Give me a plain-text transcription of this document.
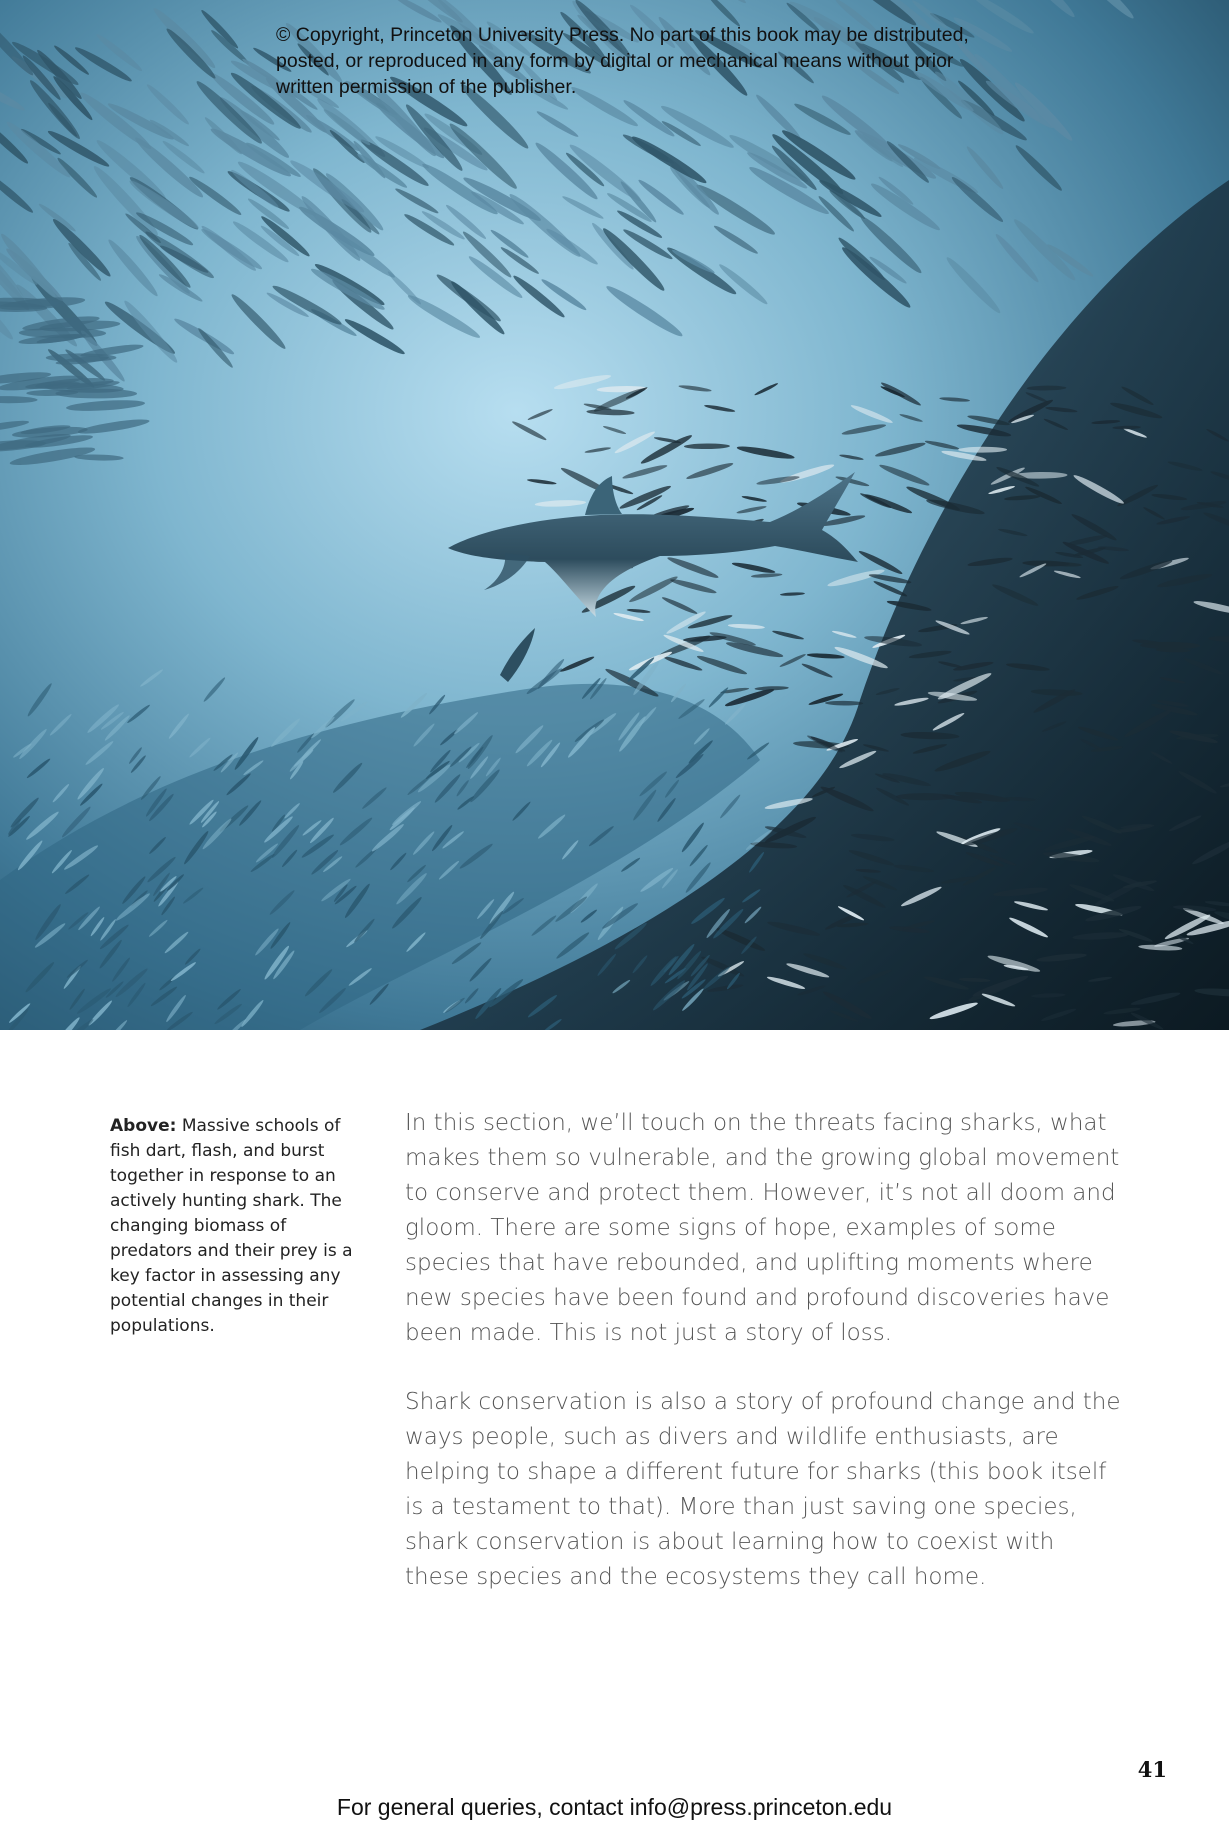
© Copyright, Princeton University Press. No part of this book may be distributed, posted, or reproduced in any form by digital or mechanical means without prior written permission of the publisher.

Above: Massive schools of fish dart, flash, and burst together in response to an actively hunting shark. The changing biomass of predators and their prey is a key factor in assessing any potential changes in their populations.

In this section, we’ll touch on the threats facing sharks, what makes them so vulnerable, and the growing global movement to conserve and protect them. However, it’s not all doom and gloom. There are some signs of hope, examples of some species that have rebounded, and uplifting moments where new species have been found and profound discoveries have been made. This is not just a story of loss.

Shark conservation is also a story of profound change and the ways people, such as divers and wildlife enthusiasts, are helping to shape a different future for sharks (this book itself is a testament to that). More than just saving one species, shark conservation is about learning how to coexist with these species and the ecosystems they call home.

41

For general queries, contact info@press.princeton.edu
